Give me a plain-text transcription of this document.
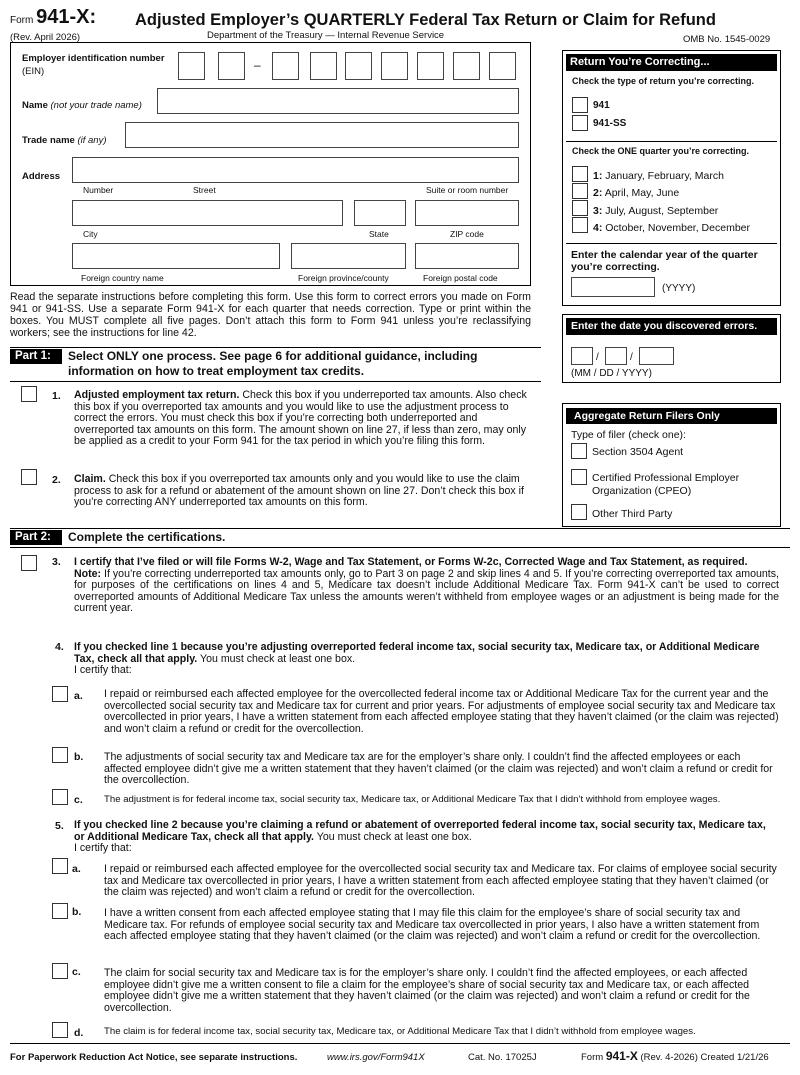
Form 941-X: Adjusted Employer’s QUARTERLY Federal Tax Return or Claim for Refund
(Rev. April 2026)	Department of the Treasury — Internal Revenue Service	OMB No. 1545-0029
Employer identification number
(EIN)	–
Name (not your trade name)
Trade name (if any)
Address
Number	Street	Suite or room number
City	State	ZIP code
Foreign country name	Foreign province/county	Foreign postal code
Read the separate instructions before completing this form. Use this form to correct errors you made on Form 941 or 941-SS. Use a separate Form 941-X for each quarter that needs correction. Type or print within the boxes. You MUST complete all five pages. Don’t attach this form to Form 941 unless you’re reclassifying workers; see the instructions for line 42.
Return You’re Correcting...
Check the type of return you’re correcting.
941
941-SS
Check the ONE quarter you’re correcting.
1: January, February, March
2: April, May, June
3: July, August, September
4: October, November, December
Enter the calendar year of the quarter you’re correcting.
(YYYY)
Enter the date you discovered errors.
/	/
(MM / DD / YYYY)
Aggregate Return Filers Only
Type of filer (check one):
Section 3504 Agent
Certified Professional Employer Organization (CPEO)
Other Third Party
Part 1:	Select ONLY one process. See page 6 for additional guidance, including information on how to treat employment tax credits.
1. Adjusted employment tax return. Check this box if you underreported tax amounts. Also check this box if you overreported tax amounts and you would like to use the adjustment process to correct the errors. You must check this box if you’re correcting both underreported and overreported tax amounts on this form. The amount shown on line 27, if less than zero, may only be applied as a credit to your Form 941 for the tax period in which you’re filing this form.
2. Claim. Check this box if you overreported tax amounts only and you would like to use the claim process to ask for a refund or abatement of the amount shown on line 27. Don’t check this box if you’re correcting ANY underreported tax amounts on this form.
Part 2:	Complete the certifications.
3. I certify that I’ve filed or will file Forms W-2, Wage and Tax Statement, or Forms W-2c, Corrected Wage and Tax Statement, as required.
Note: If you’re correcting underreported tax amounts only, go to Part 3 on page 2 and skip lines 4 and 5. If you’re correcting overreported tax amounts, for purposes of the certifications on lines 4 and 5, Medicare tax doesn’t include Additional Medicare Tax. Form 941-X can’t be used to correct overreported amounts of Additional Medicare Tax unless the amounts weren’t withheld from employee wages or an adjustment is being made for the current year.
4. If you checked line 1 because you’re adjusting overreported federal income tax, social security tax, Medicare tax, or Additional Medicare Tax, check all that apply. You must check at least one box.
I certify that:
a. I repaid or reimbursed each affected employee for the overcollected federal income tax or Additional Medicare Tax for the current year and the overcollected social security tax and Medicare tax for current and prior years. For adjustments of employee social security tax and Medicare tax overcollected in prior years, I have a written statement from each affected employee stating that they haven’t claimed (or the claim was rejected) and won’t claim a refund or credit for the overcollection.
b. The adjustments of social security tax and Medicare tax are for the employer’s share only. I couldn’t find the affected employees or each affected employee didn’t give me a written statement that they haven’t claimed (or the claim was rejected) and won’t claim a refund or credit for the overcollection.
c. The adjustment is for federal income tax, social security tax, Medicare tax, or Additional Medicare Tax that I didn’t withhold from employee wages.
5. If you checked line 2 because you’re claiming a refund or abatement of overreported federal income tax, social security tax, Medicare tax, or Additional Medicare Tax, check all that apply. You must check at least one box.
I certify that:
a. I repaid or reimbursed each affected employee for the overcollected social security tax and Medicare tax. For claims of employee social security tax and Medicare tax overcollected in prior years, I have a written statement from each affected employee stating that they haven’t claimed (or the claim was rejected) and won’t claim a refund or credit for the overcollection.
b. I have a written consent from each affected employee stating that I may file this claim for the employee’s share of social security tax and Medicare tax. For refunds of employee social security tax and Medicare tax overcollected in prior years, I also have a written statement from each affected employee stating that they haven’t claimed (or the claim was rejected) and won’t claim a refund or credit for the overcollection.
c. The claim for social security tax and Medicare tax is for the employer’s share only. I couldn’t find the affected employees, or each affected employee didn’t give me a written consent to file a claim for the employee’s share of social security tax and Medicare tax, or each affected employee didn’t give me a written statement that they haven’t claimed (or the claim was rejected) and won’t claim a refund or credit for the overcollection.
d. The claim is for federal income tax, social security tax, Medicare tax, or Additional Medicare Tax that I didn’t withhold from employee wages.
For Paperwork Reduction Act Notice, see separate instructions.	www.irs.gov/Form941X	Cat. No. 17025J	Form 941-X (Rev. 4-2026) Created 1/21/26
